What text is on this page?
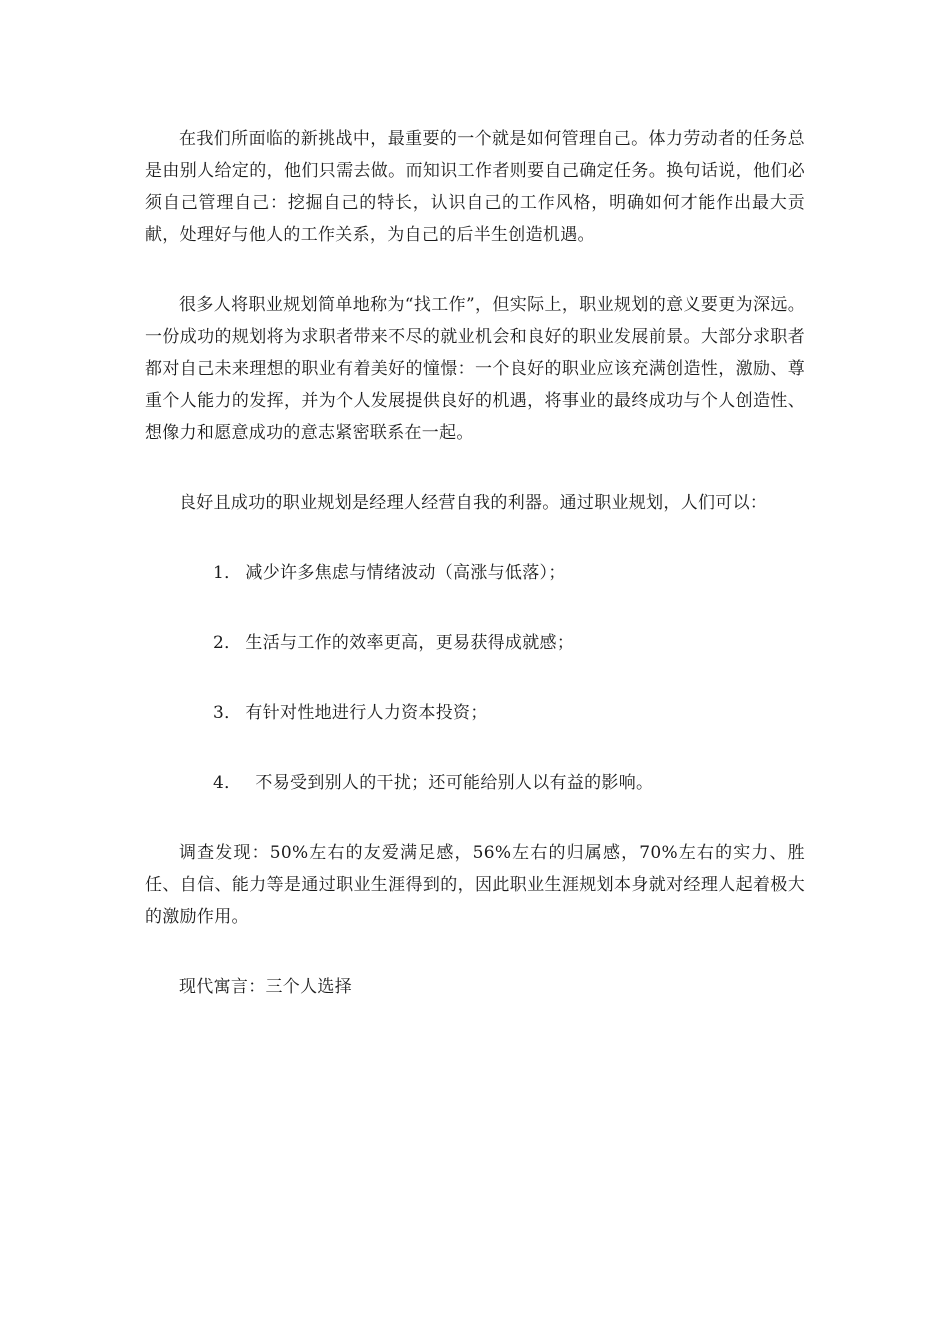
在我们所面临的新挑战中，最重要的一个就是如何管理自己。体力劳动者的任务总是由别人给定的，他们只需去做。而知识工作者则要自己确定任务。换句话说，他们必须自己管理自己：挖掘自己的特长，认识自己的工作风格，明确如何才能作出最大贡献，处理好与他人的工作关系，为自己的后半生创造机遇。

很多人将职业规划简单地称为“找工作”，但实际上，职业规划的意义要更为深远。一份成功的规划将为求职者带来不尽的就业机会和良好的职业发展前景。大部分求职者都对自己未来理想的职业有着美好的憧憬：一个良好的职业应该充满创造性，激励、尊重个人能力的发挥，并为个人发展提供良好的机遇，将事业的最终成功与个人创造性、想像力和愿意成功的意志紧密联系在一起。

良好且成功的职业规划是经理人经营自我的利器。通过职业规划，人们可以：

1． 减少许多焦虑与情绪波动（高涨与低落）；

2． 生活与工作的效率更高，更易获得成就感；

3． 有针对性地进行人力资本投资；

4． 不易受到别人的干扰；还可能给别人以有益的影响。

调查发现：50%左右的友爱满足感，56%左右的归属感，70%左右的实力、胜任、自信、能力等是通过职业生涯得到的，因此职业生涯规划本身就对经理人起着极大的激励作用。

现代寓言：三个人选择
